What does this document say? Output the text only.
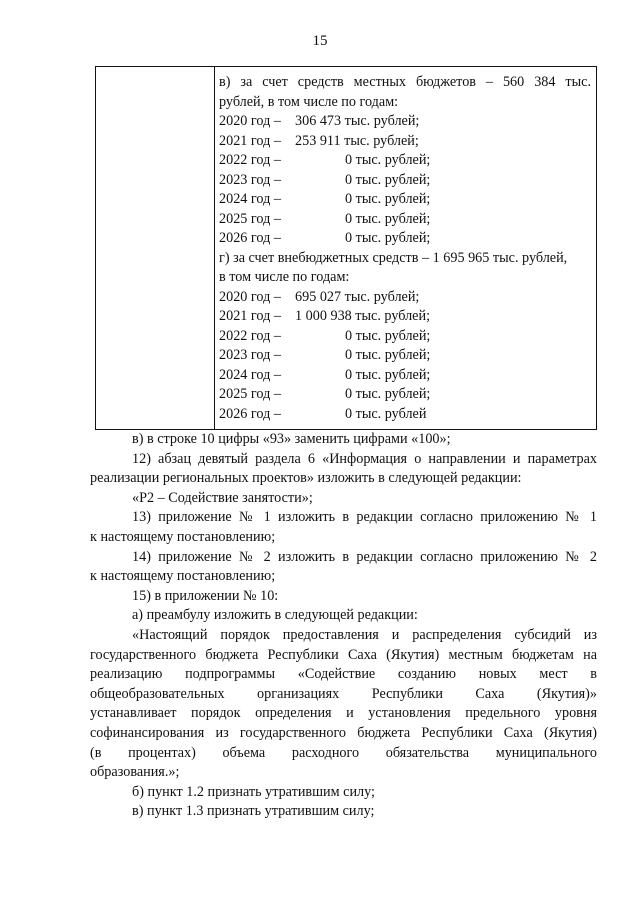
15
в) за счет средств местных бюджетов – 560 384 тыс.
рублей, в том числе по годам:
2020 год – 306 473 тыс. рублей;
2021 год – 253 911 тыс. рублей;
2022 год –	0 тыс. рублей;
2023 год –	0 тыс. рублей;
2024 год –	0 тыс. рублей;
2025 год –	0 тыс. рублей;
2026 год –	0 тыс. рублей;
г) за счет внебюджетных средств – 1 695 965 тыс. рублей,
в том числе по годам:
2020 год – 695 027 тыс. рублей;
2021 год – 1 000 938 тыс. рублей;
2022 год –	0 тыс. рублей;
2023 год –	0 тыс. рублей;
2024 год –	0 тыс. рублей;
2025 год –	0 тыс. рублей;
2026 год –	0 тыс. рублей
в) в строке 10 цифры «93» заменить цифрами «100»;
12) абзац девятый раздела 6 «Информация о направлении и параметрах
реализации региональных проектов» изложить в следующей редакции:
«Р2 – Содействие занятости»;
13) приложение № 1 изложить в редакции согласно приложению № 1
к настоящему постановлению;
14) приложение № 2 изложить в редакции согласно приложению № 2
к настоящему постановлению;
15) в приложении № 10:
а) преамбулу изложить в следующей редакции:
«Настоящий порядок предоставления и распределения субсидий из
государственного бюджета Республики Саха (Якутия) местным бюджетам на
реализацию подпрограммы «Содействие созданию новых мест в
общеобразовательных организациях Республики Саха (Якутия)»
устанавливает порядок определения и установления предельного уровня
софинансирования из государственного бюджета Республики Саха (Якутия)
(в процентах) объема расходного обязательства муниципального
образования.»;
б) пункт 1.2 признать утратившим силу;
в) пункт 1.3 признать утратившим силу;
